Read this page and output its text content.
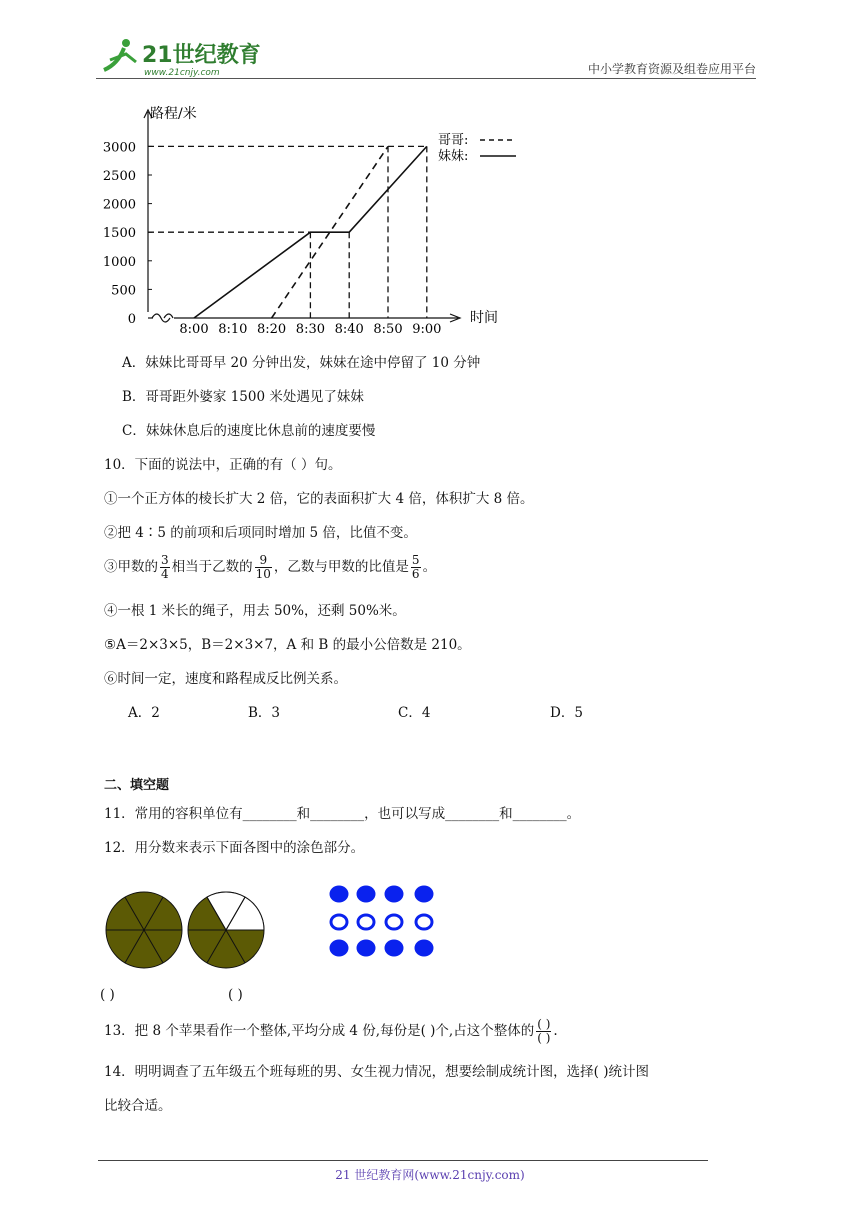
21世纪教育
www.21cnjy.com	中小学教育资源及组卷应用平台
路程/米
时间
3000
2500
2000
1500
1000
500
0
8:00 8:10 8:20 8:30 8:40 8:50 9:00
哥哥:
妹妹:
A．妹妹比哥哥早 20 分钟出发，妹妹在途中停留了 10 分钟
B．哥哥距外婆家 1500 米处遇见了妹妹
C．妹妹休息后的速度比休息前的速度要慢
10．下面的说法中，正确的有（ ）句。
①一个正方体的棱长扩大 2 倍，它的表面积扩大 4 倍，体积扩大 8 倍。
②把 4∶5 的前项和后项同时增加 5 倍，比值不变。
③甲数的 $\frac{3}{4}$ 相当于乙数的 $\frac{9}{10}$ ，乙数与甲数的比值是 $\frac{5}{6}$ 。
④一根 1 米长的绳子，用去 50%，还剩 50%米。
⑤A＝2×3×5，B＝2×3×7，A 和 B 的最小公倍数是 210。
⑥时间一定，速度和路程成反比例关系。
A．2	B．3	C．4	D．5
二、填空题
11．常用的容积单位有________和________，也可以写成________和________。
12．用分数来表示下面各图中的涂色部分。
( )	( )
13．把 8 个苹果看作一个整体,平均分成 4 份,每份是( )个,占这个整体的 $\frac{( )}{( )}$ .
14．明明调查了五年级五个班每班的男、女生视力情况，想要绘制成统计图，选择( )统计图
比较合适。
21 世纪教育网(www.21cnjy.com)
